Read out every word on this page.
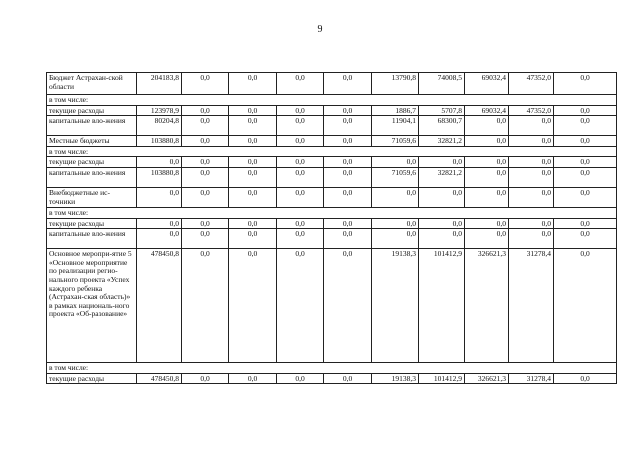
9
Бюджет Астрахан-ской области	204183,8	0,0	0,0	0,0	0,0	13790,8	74008,5	69032,4	47352,0	0,0
в том числе:										
текущие расходы	123978,9	0,0	0,0	0,0	0,0	1886,7	5707,8	69032,4	47352,0	0,0
капитальные вло-жения	80204,8	0,0	0,0	0,0	0,0	11904,1	68300,7	0,0	0,0	0,0
Местные бюджеты	103880,8	0,0	0,0	0,0	0,0	71059,6	32821,2	0,0	0,0	0,0
в том числе:										
текущие расходы	0,0	0,0	0,0	0,0	0,0	0,0	0,0	0,0	0,0	0,0
капитальные вло-жения	103880,8	0,0	0,0	0,0	0,0	71059,6	32821,2	0,0	0,0	0,0
Внебюджетные ис-точники	0,0	0,0	0,0	0,0	0,0	0,0	0,0	0,0	0,0	0,0
в том числе:										
текущие расходы	0,0	0,0	0,0	0,0	0,0	0,0	0,0	0,0	0,0	0,0
капитальные вло-жения	0,0	0,0	0,0	0,0	0,0	0,0	0,0	0,0	0,0	0,0
Основное меропри-ятие 5 «Основное мероприятие по реализации регио-нального проекта «Успех каждого ребенка (Астрахан-ская область)» в рамках националь-ного проекта «Об-разование»	478450,8	0,0	0,0	0,0	0,0	19138,3	101412,9	326621,3	31278,4	0,0
в том числе:										
текущие расходы	478450,8	0,0	0,0	0,0	0,0	19138,3	101412,9	326621,3	31278,4	0,0
